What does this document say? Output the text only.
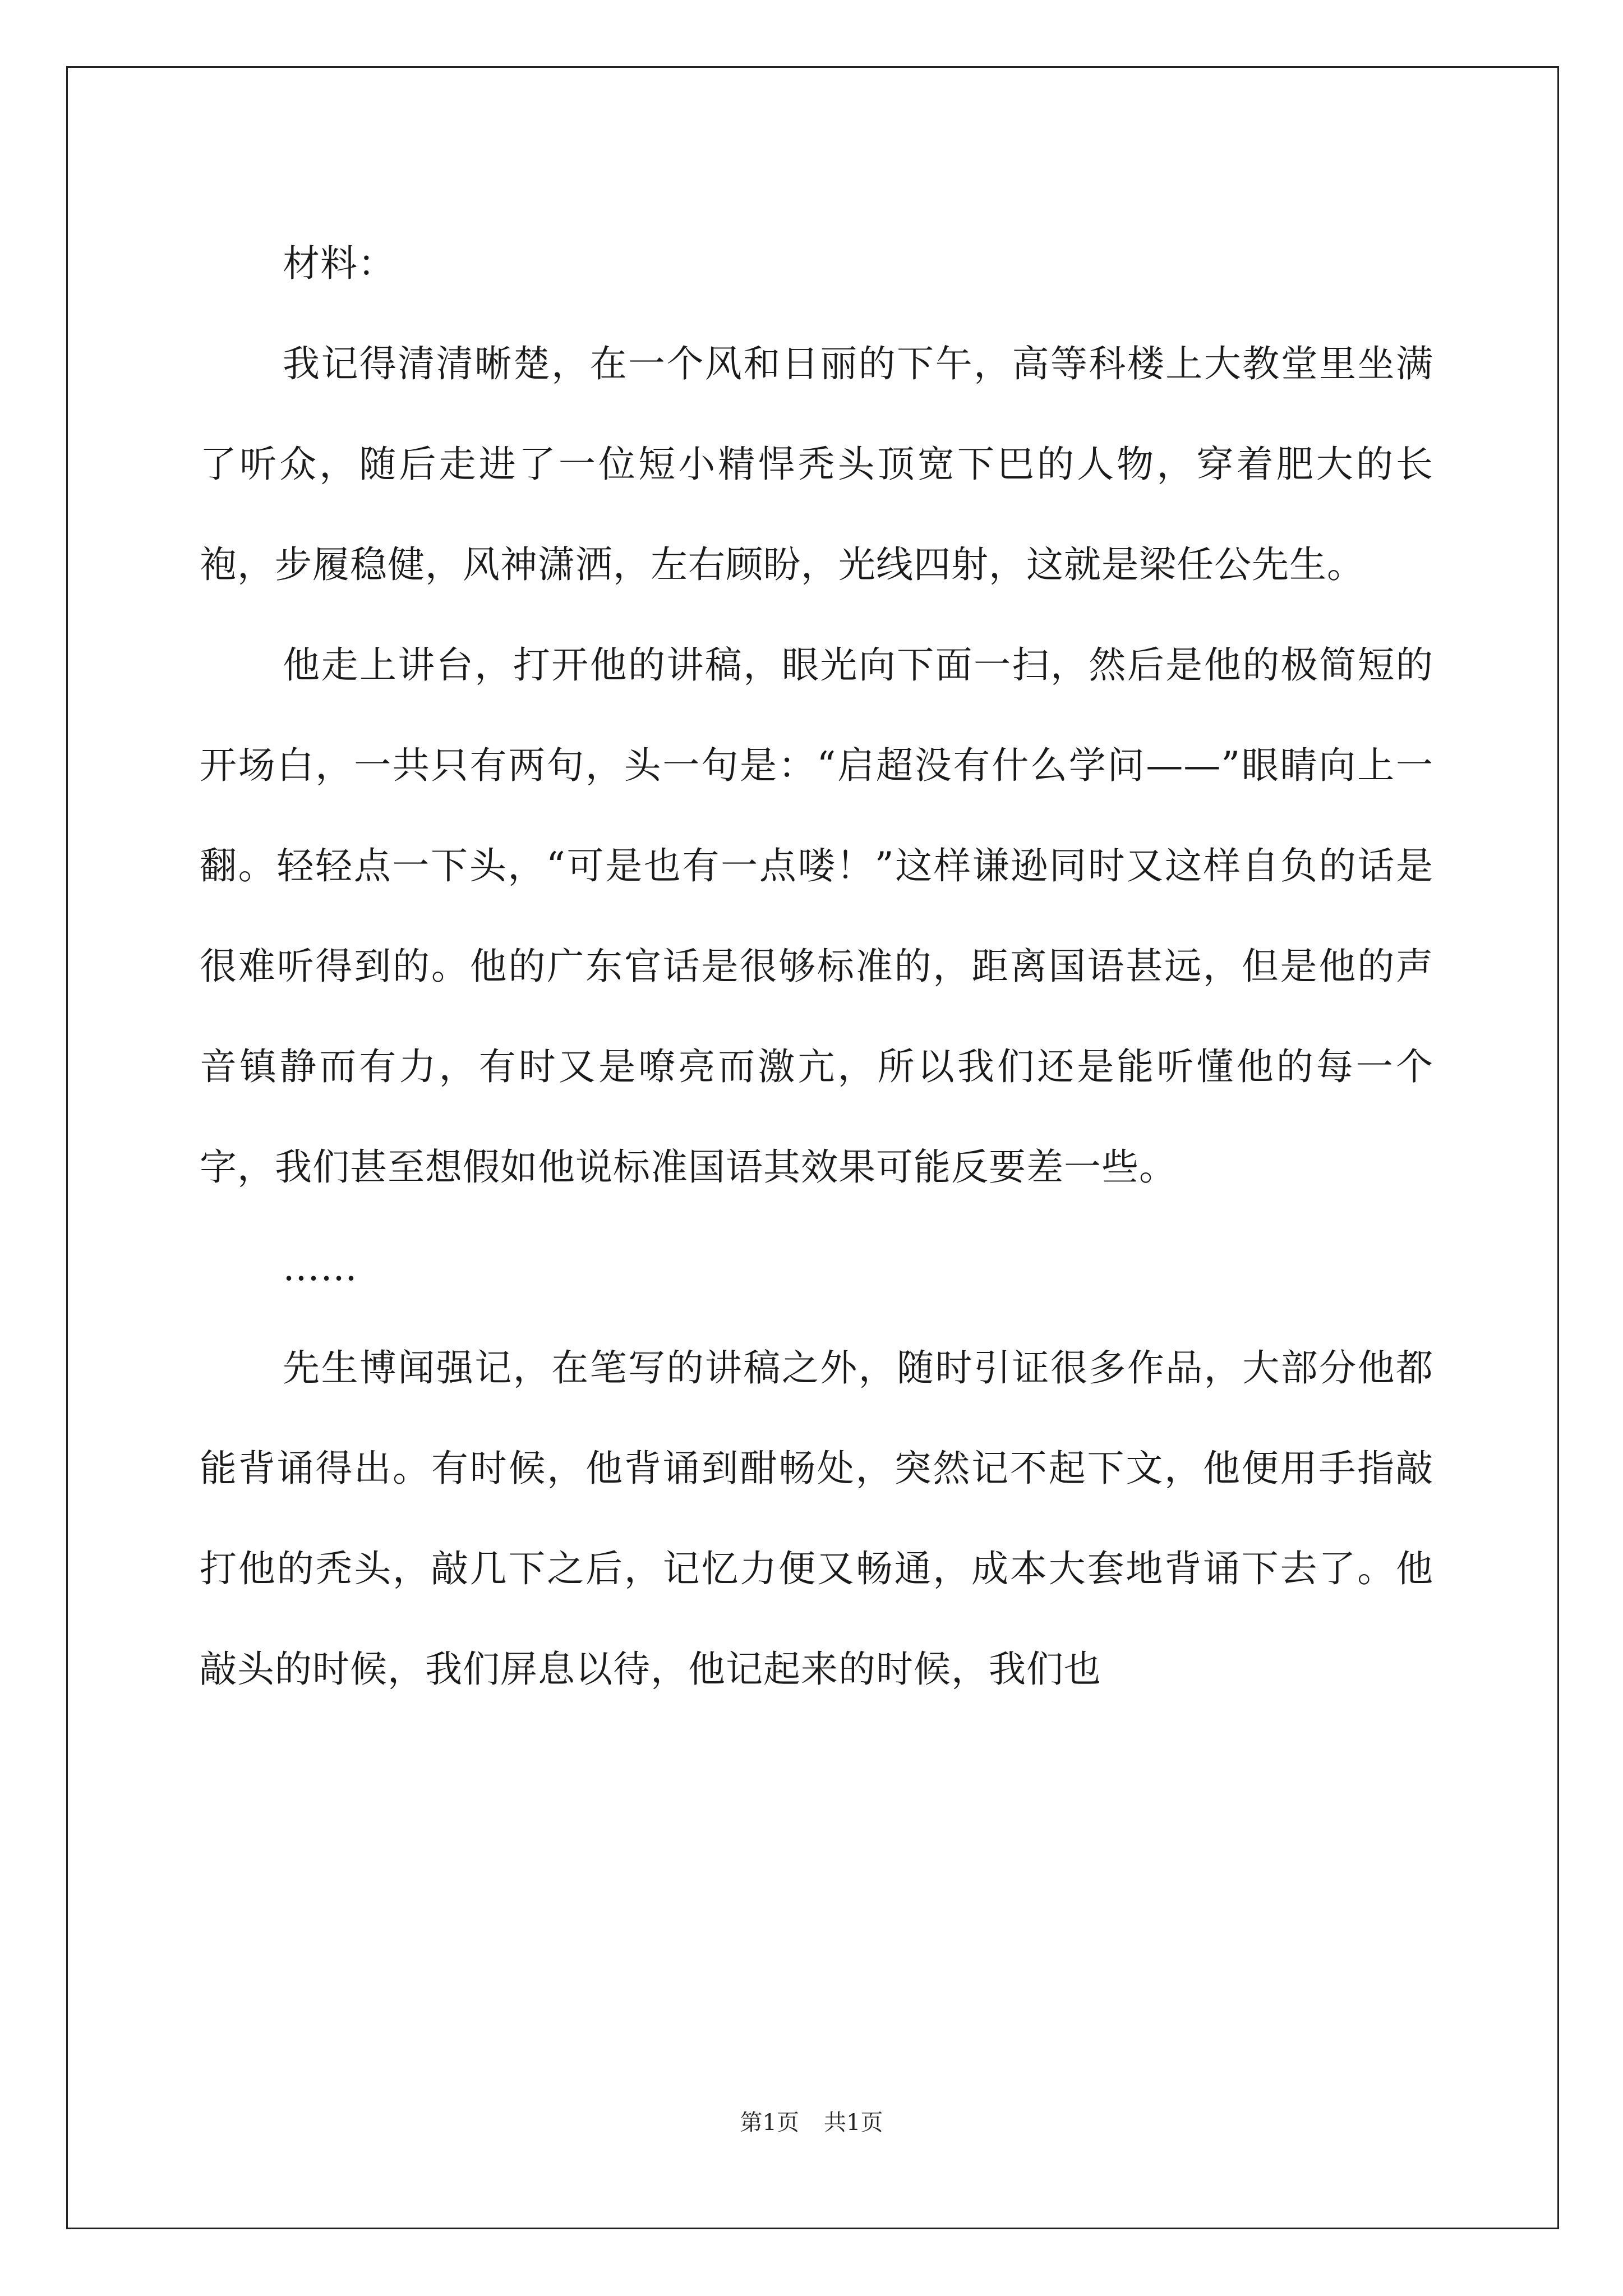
材料：

我记得清清晰楚，在一个风和日丽的下午，高等科楼上大教堂里坐满了听众，随后走进了一位短小精悍秃头顶宽下巴的人物，穿着肥大的长袍，步履稳健，风神潇洒，左右顾盼，光线四射，这就是梁任公先生。

他走上讲台，打开他的讲稿，眼光向下面一扫，然后是他的极简短的开场白，一共只有两句，头一句是：“启超没有什么学问——”眼睛向上一翻。轻轻点一下头，“可是也有一点喽！”这样谦逊同时又这样自负的话是很难听得到的。他的广东官话是很够标准的，距离国语甚远，但是他的声音镇静而有力，有时又是嘹亮而激亢，所以我们还是能听懂他的每一个字，我们甚至想假如他说标准国语其效果可能反要差一些。

……

先生博闻强记，在笔写的讲稿之外，随时引证很多作品，大部分他都能背诵得出。有时候，他背诵到酣畅处，突然记不起下文，他便用手指敲打他的秃头，敲几下之后，记忆力便又畅通，成本大套地背诵下去了。他敲头的时候，我们屏息以待，他记起来的时候，我们也

第1页 共1页
